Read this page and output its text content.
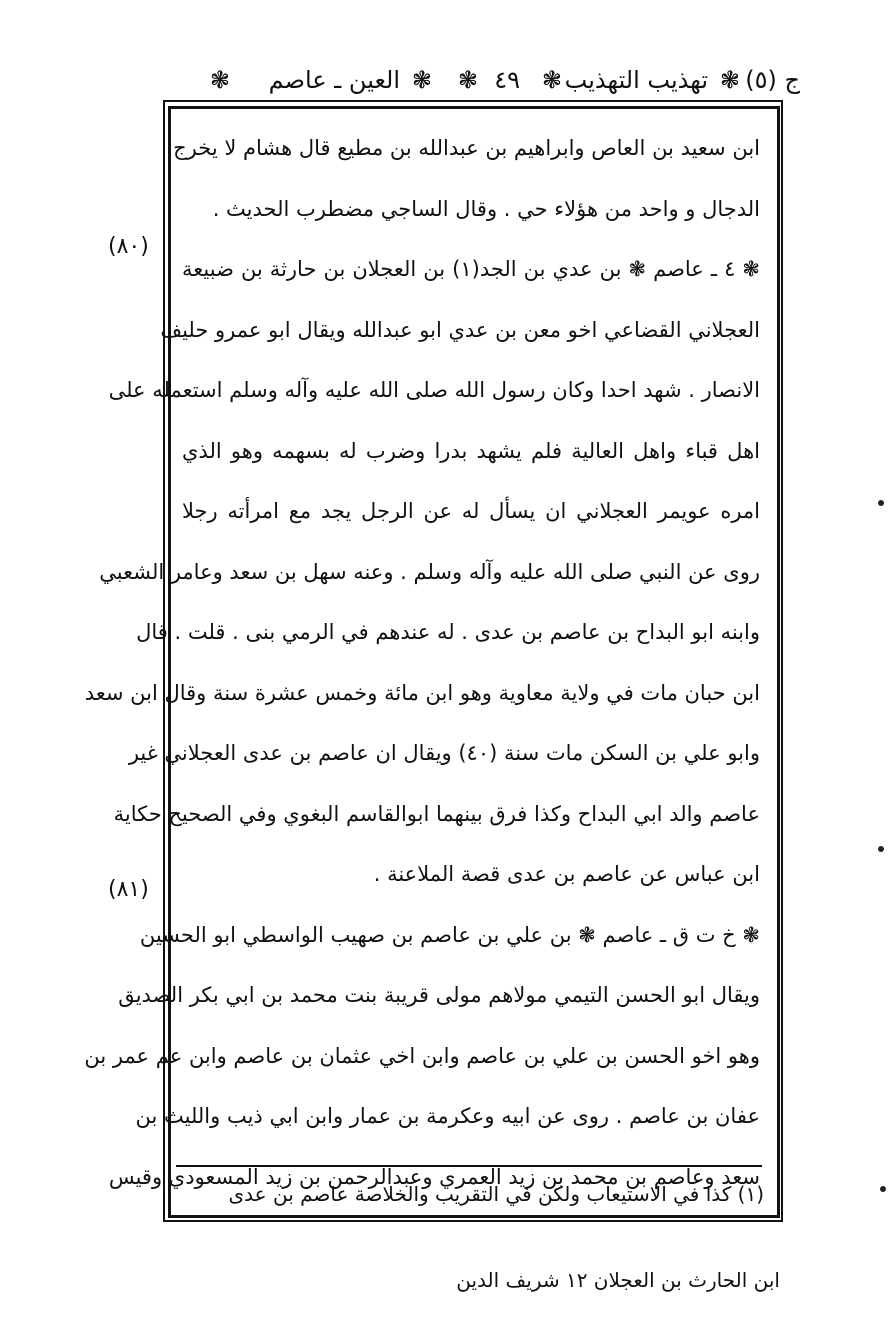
ج (٥)
❃
تهذيب التهذيب
❃
٤٩
❃
❃
العين ـ عاصم
❃
ابن سعيد بن العاص وابراهيم بن عبدالله بن مطيع قال هشام لا يخرج
الدجال و واحد من هؤلاء حي . وقال الساجي مضطرب الحديث .
❃ ٤ ـ عاصم ❃ بن عدي بن الجد(١) بن العجلان بن حارثة بن ضبيعة
العجلاني القضاعي اخو معن بن عدي ابو عبدالله ويقال ابو عمرو حليف
الانصار . شهد احدا وكان رسول الله صلى الله عليه وآله وسلم استعمله على
اهل قباء واهل العالية فلم يشهد بدرا وضرب له بسهمه وهو الذي
امره عويمر العجلاني ان يسأل له عن الرجل يجد مع امرأته رجلا
روى عن النبي صلى الله عليه وآله وسلم . وعنه سهل بن سعد وعامر الشعبي
وابنه ابو البداح بن عاصم بن عدى . له عندهم في الرمي بنى . قلت . قال
ابن حبان مات في ولاية معاوية وهو ابن مائة وخمس عشرة سنة وقال ابن سعد
وابو علي بن السكن مات سنة (٤٠) ويقال ان عاصم بن عدى العجلاني غير
عاصم والد ابي البداح وكذا فرق بينهما ابوالقاسم البغوي وفي الصحيح حكاية
ابن عباس عن عاصم بن عدى قصة الملاعنة .
❃ خ ت ق ـ عاصم ❃ بن علي بن عاصم بن صهيب الواسطي ابو الحسين
ويقال ابو الحسن التيمي مولاهم مولى قريبة بنت محمد بن ابي بكر الصديق
وهو اخو الحسن بن علي بن عاصم وابن اخي عثمان بن عاصم وابن عم عمر بن
عفان بن عاصم . روى عن ابيه وعكرمة بن عمار وابن ابي ذيب والليث بن
سعد وعاصم بن محمد بن زيد العمري وعبدالرحمن بن زيد المسعودي وقيس
(٨٠)
(٨١)
(١) كذا في الاستيعاب ولكن في التقريب والخلاصة عاصم بن عدى
ابن الحارث بن العجلان ١٢ شريف الدين
